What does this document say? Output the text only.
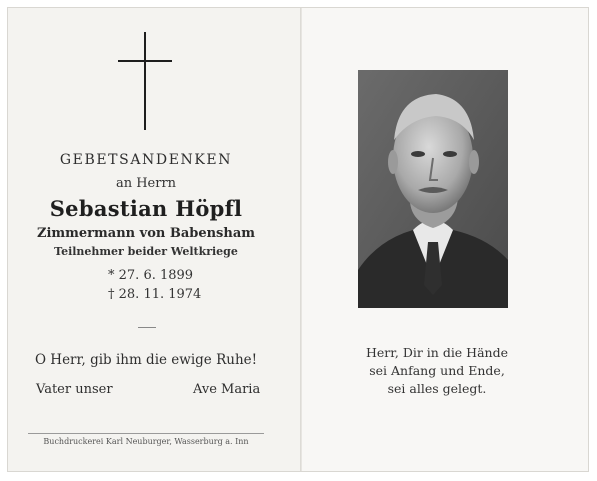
GEBETSANDENKEN
an Herrn
Sebastian Höpfl
Zimmermann von Babensham
Teilnehmer beider Weltkriege
* 27. 6. 1899
† 28. 11. 1974
O Herr, gib ihm die ewige Ruhe!
Vater unser	Ave Maria
Buchdruckerei Karl Neuburger, Wasserburg a. Inn
Herr, Dir in die Hände
sei Anfang und Ende,
sei alles gelegt.
